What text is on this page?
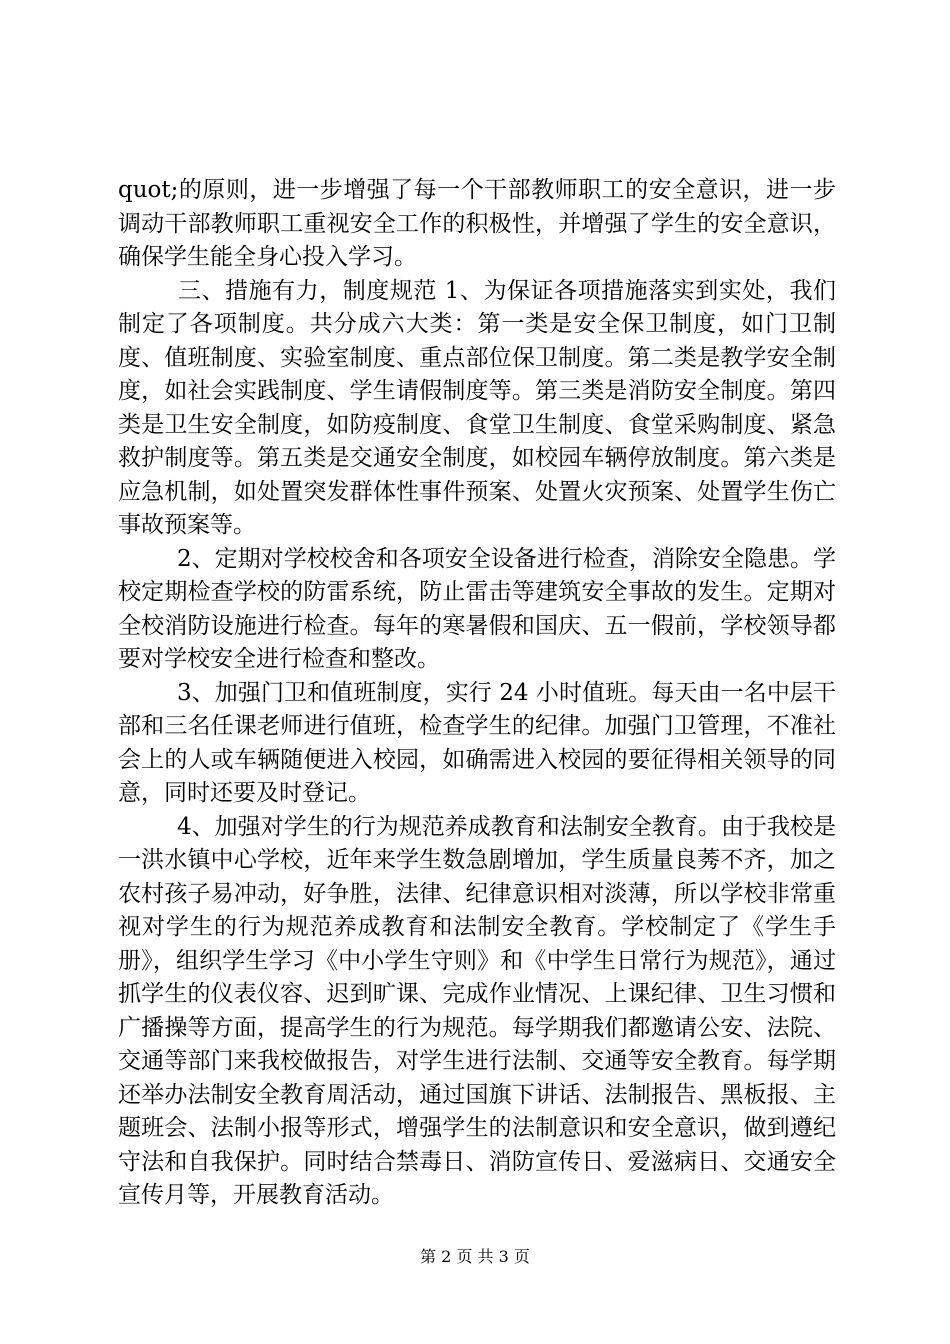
quot;的原则，进一步增强了每一个干部教师职工的安全意识，进一步调动干部教师职工重视安全工作的积极性，并增强了学生的安全意识，确保学生能全身心投入学习。

三、措施有力，制度规范 1、为保证各项措施落实到实处，我们制定了各项制度。共分成六大类：第一类是安全保卫制度，如门卫制度、值班制度、实验室制度、重点部位保卫制度。第二类是教学安全制度，如社会实践制度、学生请假制度等。第三类是消防安全制度。第四类是卫生安全制度，如防疫制度、食堂卫生制度、食堂采购制度、紧急救护制度等。第五类是交通安全制度，如校园车辆停放制度。第六类是应急机制，如处置突发群体性事件预案、处置火灾预案、处置学生伤亡事故预案等。

2、定期对学校校舍和各项安全设备进行检查，消除安全隐患。学校定期检查学校的防雷系统，防止雷击等建筑安全事故的发生。定期对全校消防设施进行检查。每年的寒暑假和国庆、五一假前，学校领导都要对学校安全进行检查和整改。

3、加强门卫和值班制度，实行 24 小时值班。每天由一名中层干部和三名任课老师进行值班，检查学生的纪律。加强门卫管理，不准社会上的人或车辆随便进入校园，如确需进入校园的要征得相关领导的同意，同时还要及时登记。

4、加强对学生的行为规范养成教育和法制安全教育。由于我校是一洪水镇中心学校，近年来学生数急剧增加，学生质量良莠不齐，加之农村孩子易冲动，好争胜，法律、纪律意识相对淡薄，所以学校非常重视对学生的行为规范养成教育和法制安全教育。学校制定了《学生手册》，组织学生学习《中小学生守则》和《中学生日常行为规范》，通过抓学生的仪表仪容、迟到旷课、完成作业情况、上课纪律、卫生习惯和广播操等方面，提高学生的行为规范。每学期我们都邀请公安、法院、交通等部门来我校做报告，对学生进行法制、交通等安全教育。每学期还举办法制安全教育周活动，通过国旗下讲话、法制报告、黑板报、主题班会、法制小报等形式，增强学生的法制意识和安全意识，做到遵纪守法和自我保护。同时结合禁毒日、消防宣传日、爱滋病日、交通安全宣传月等，开展教育活动。

第 2 页 共 3 页
